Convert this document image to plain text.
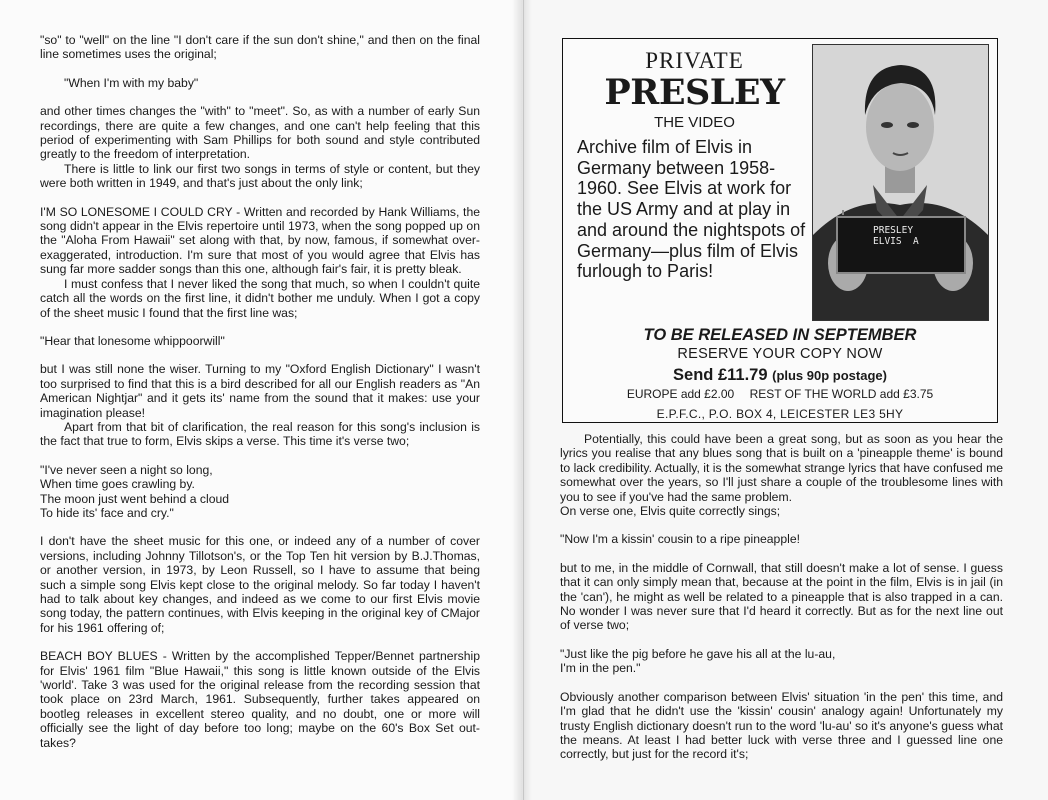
"so" to "well" on the line "I don't care if the sun don't shine," and then on the final line sometimes uses the original;

"When I'm with my baby"

and other times changes the "with" to "meet". So, as with a number of early Sun recordings, there are quite a few changes, and one can't help feeling that this period of experimenting with Sam Phillips for both sound and style contributed greatly to the freedom of interpretation.

There is little to link our first two songs in terms of style or content, but they were both written in 1949, and that's just about the only link;

I'M SO LONESOME I COULD CRY - Written and recorded by Hank Williams, the song didn't appear in the Elvis repertoire until 1973, when the song popped up on the "Aloha From Hawaii" set along with that, by now, famous, if somewhat over-exaggerated, introduction. I'm sure that most of you would agree that Elvis has sung far more sadder songs than this one, although fair's fair, it is pretty bleak.

I must confess that I never liked the song that much, so when I couldn't quite catch all the words on the first line, it didn't bother me unduly. When I got a copy of the sheet music I found that the first line was;

"Hear that lonesome whippoorwill"

but I was still none the wiser. Turning to my "Oxford English Dictionary" I wasn't too surprised to find that this is a bird described for all our English readers as "An American Nightjar" and it gets its' name from the sound that it makes: use your imagination please!

Apart from that bit of clarification, the real reason for this song's inclusion is the fact that true to form, Elvis skips a verse. This time it's verse two;

"I've never seen a night so long,

When time goes crawling by.

The moon just went behind a cloud

To hide its' face and cry."

I don't have the sheet music for this one, or indeed any of a number of cover versions, including Johnny Tillotson's, or the Top Ten hit version by B.J.Thomas, or another version, in 1973, by Leon Russell, so I have to assume that being such a simple song Elvis kept close to the original melody. So far today I haven't had to talk about key changes, and indeed as we come to our first Elvis movie song today, the pattern continues, with Elvis keeping in the original key of CMajor for his 1961 offering of;

BEACH BOY BLUES - Written by the accomplished Tepper/Bennet partnership for Elvis' 1961 film "Blue Hawaii," this song is little known outside of the Elvis 'world'. Take 3 was used for the original release from the recording session that took place on 23rd March, 1961. Subsequently, further takes appeared on bootleg releases in excellent stereo quality, and no doubt, one or more will officially see the light of day before too long; maybe on the 60's Box Set out-takes?

PRIVATE
PRESLEY
THE VIDEO
Archive film of Elvis in Germany between 1958-1960. See Elvis at work for the US Army and at play in and around the nightspots of Germany—plus film of Elvis furlough to Paris!
PRESLEY
ELVIS  A
TO BE RELEASED IN SEPTEMBER
RESERVE YOUR COPY NOW
Send £11.79 (plus 90p postage)
EUROPE add £2.00 REST OF THE WORLD add £3.75
E.P.F.C., P.O. BOX 4, LEICESTER LE3 5HY

Potentially, this could have been a great song, but as soon as you hear the lyrics you realise that any blues song that is built on a 'pineapple theme' is bound to lack credibility. Actually, it is the somewhat strange lyrics that have confused me somewhat over the years, so I'll just share a couple of the troublesome lines with you to see if you've had the same problem.

On verse one, Elvis quite correctly sings;

"Now I'm a kissin' cousin to a ripe pineapple!

but to me, in the middle of Cornwall, that still doesn't make a lot of sense. I guess that it can only simply mean that, because at the point in the film, Elvis is in jail (in the 'can'), he might as well be related to a pineapple that is also trapped in a can. No wonder I was never sure that I'd heard it correctly. But as for the next line out of verse two;

"Just like the pig before he gave his all at the lu-au,

I'm in the pen."

Obviously another comparison between Elvis' situation 'in the pen' this time, and I'm glad that he didn't use the 'kissin' cousin' analogy again! Unfortunately my trusty English dictionary doesn't run to the word 'lu-au' so it's anyone's guess what the means. At least I had better luck with verse three and I guessed line one correctly, but just for the record it's;
